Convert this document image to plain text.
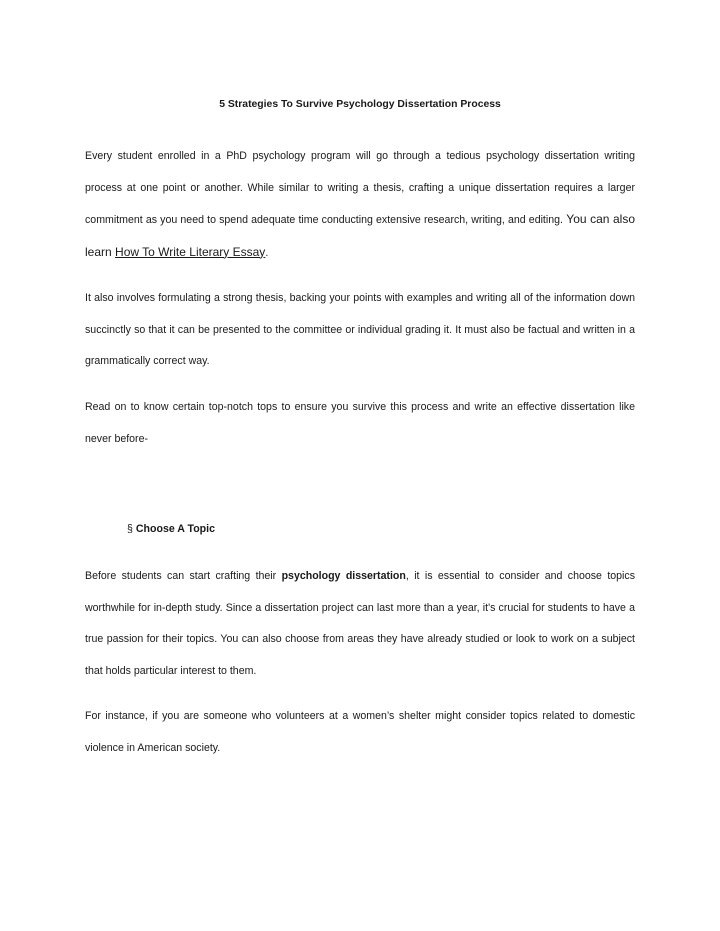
5 Strategies To Survive Psychology Dissertation Process

Every student enrolled in a PhD psychology program will go through a tedious psychology dissertation writing process at one point or another. While similar to writing a thesis, crafting a unique dissertation requires a larger commitment as you need to spend adequate time conducting extensive research, writing, and editing. You can also learn How To Write Literary Essay.

It also involves formulating a strong thesis, backing your points with examples and writing all of the information down succinctly so that it can be presented to the committee or individual grading it. It must also be factual and written in a grammatically correct way.

Read on to know certain top-notch tops to ensure you survive this process and write an effective dissertation like never before-

§ Choose A Topic

Before students can start crafting their psychology dissertation, it is essential to consider and choose topics worthwhile for in-depth study. Since a dissertation project can last more than a year, it's crucial for students to have a true passion for their topics. You can also choose from areas they have already studied or look to work on a subject that holds particular interest to them.

For instance, if you are someone who volunteers at a women’s shelter might consider topics related to domestic violence in American society.
